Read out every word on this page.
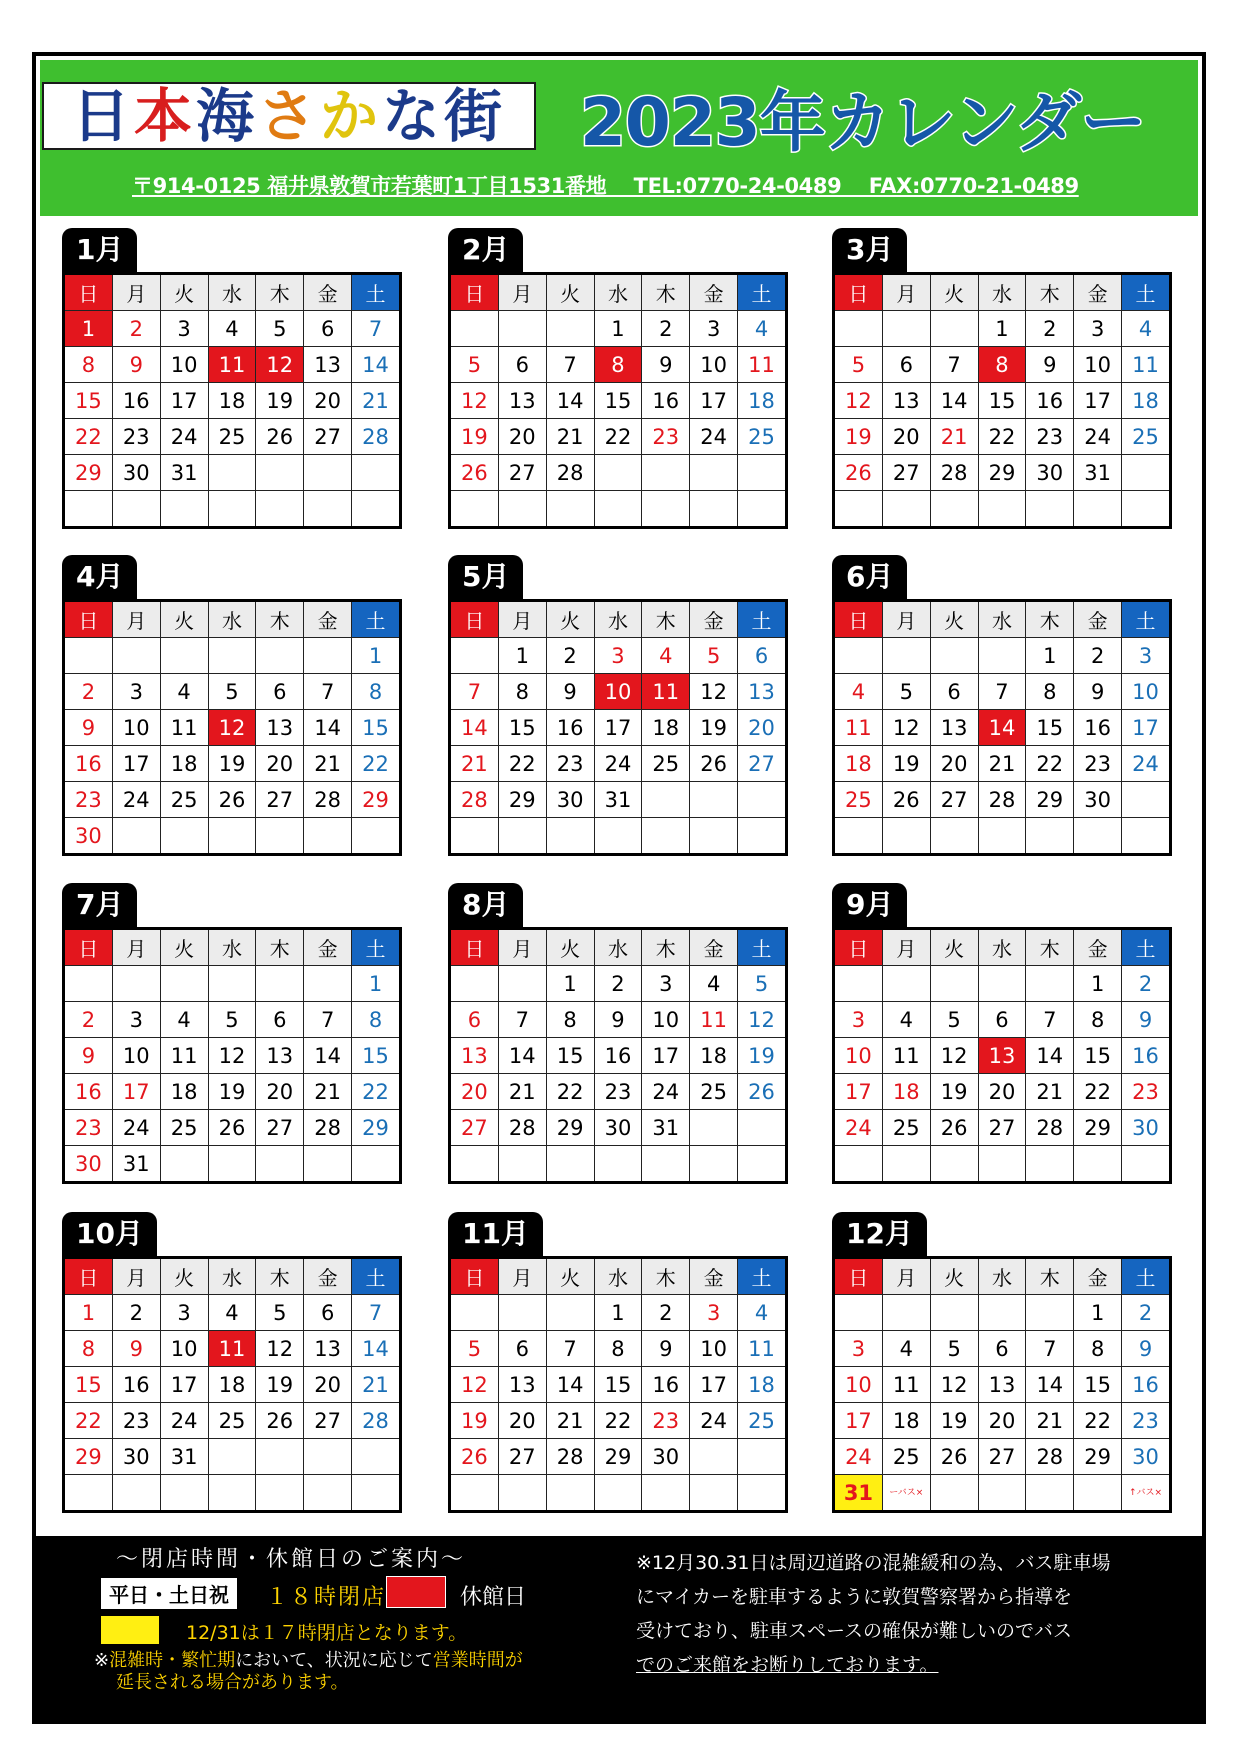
日本海さかな街 2023年カレンダー
〒914-0125 福井県敦賀市若葉町1丁目1531番地　 TEL:0770-24-0489　 FAX:0770-21-0489
1月
日	月	火	水	木	金	土
1	2	3	4	5	6	7
8	9	10	11	12	13	14
15	16	17	18	19	20	21
22	23	24	25	26	27	28
29	30	31				

2月
日	月	火	水	木	金	土
			1	2	3	4
5	6	7	8	9	10	11
12	13	14	15	16	17	18
19	20	21	22	23	24	25
26	27	28				

3月
日	月	火	水	木	金	土
			1	2	3	4
5	6	7	8	9	10	11
12	13	14	15	16	17	18
19	20	21	22	23	24	25
26	27	28	29	30	31	

4月
日	月	火	水	木	金	土
						1
2	3	4	5	6	7	8
9	10	11	12	13	14	15
16	17	18	19	20	21	22
23	24	25	26	27	28	29
30						
5月
日	月	火	水	木	金	土
	1	2	3	4	5	6
7	8	9	10	11	12	13
14	15	16	17	18	19	20
21	22	23	24	25	26	27
28	29	30	31			

6月
日	月	火	水	木	金	土
				1	2	3
4	5	6	7	8	9	10
11	12	13	14	15	16	17
18	19	20	21	22	23	24
25	26	27	28	29	30	

7月
日	月	火	水	木	金	土
						1
2	3	4	5	6	7	8
9	10	11	12	13	14	15
16	17	18	19	20	21	22
23	24	25	26	27	28	29
30	31					
8月
日	月	火	水	木	金	土
		1	2	3	4	5
6	7	8	9	10	11	12
13	14	15	16	17	18	19
20	21	22	23	24	25	26
27	28	29	30	31		

9月
日	月	火	水	木	金	土
					1	2
3	4	5	6	7	8	9
10	11	12	13	14	15	16
17	18	19	20	21	22	23
24	25	26	27	28	29	30

10月
日	月	火	水	木	金	土
1	2	3	4	5	6	7
8	9	10	11	12	13	14
15	16	17	18	19	20	21
22	23	24	25	26	27	28
29	30	31				

11月
日	月	火	水	木	金	土
			1	2	3	4
5	6	7	8	9	10	11
12	13	14	15	16	17	18
19	20	21	22	23	24	25
26	27	28	29	30		

12月
日	月	火	水	木	金	土
					1	2
3	4	5	6	7	8	9
10	11	12	13	14	15	16
17	18	19	20	21	22	23
24	25	26	27	28	29	30
31	ーバス×					↑バス×
～閉店時間・休館日のご案内～
平日・土日祝	１８時閉店	休館日
12/31は１７時閉店となります。
※混雑時・繁忙期において、状況に応じて営業時間が
延長される場合があります。
※12月30.31日は周辺道路の混雑緩和の為、バス駐車場
にマイカーを駐車するように敦賀警察署から指導を
受けており、駐車スペースの確保が難しいのでバス
でのご来館をお断りしております。
